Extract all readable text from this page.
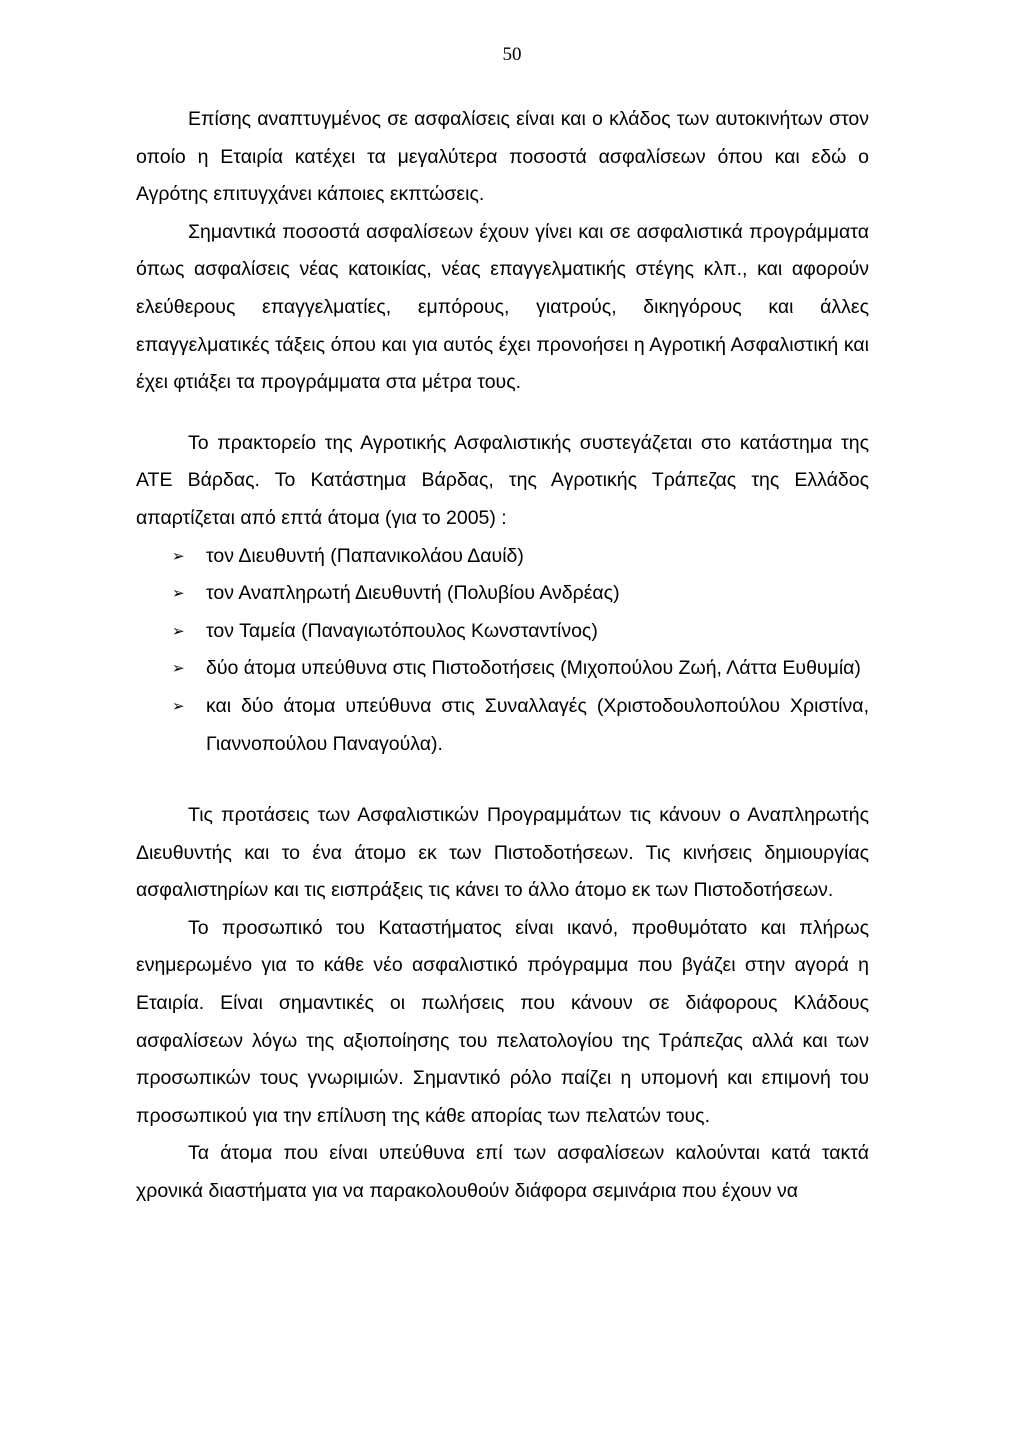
50

Επίσης αναπτυγμένος σε ασφαλίσεις είναι και ο κλάδος των αυτοκινήτων στον οποίο η Εταιρία κατέχει τα μεγαλύτερα ποσοστά ασφαλίσεων όπου και εδώ ο Αγρότης επιτυγχάνει κάποιες εκπτώσεις.

Σημαντικά ποσοστά ασφαλίσεων έχουν γίνει και σε ασφαλιστικά προγράμματα όπως ασφαλίσεις νέας κατοικίας, νέας επαγγελματικής στέγης κλπ., και αφορούν ελεύθερους επαγγελματίες, εμπόρους, γιατρούς, δικηγόρους και άλλες επαγγελματικές τάξεις όπου και για αυτός έχει προνοήσει η Αγροτική Ασφαλιστική και έχει φτιάξει τα προγράμματα στα μέτρα τους.

Το πρακτορείο της Αγροτικής Ασφαλιστικής συστεγάζεται στο κατάστημα της ΑΤΕ Βάρδας. Το Κατάστημα Βάρδας, της Αγροτικής Τράπεζας της Ελλάδος απαρτίζεται από επτά άτομα (για το 2005) :

➢ τον Διευθυντή (Παπανικολάου Δαυίδ)
➢ τον Αναπληρωτή Διευθυντή (Πολυβίου Ανδρέας)
➢ τον Ταμεία (Παναγιωτόπουλος Κωνσταντίνος)
➢ δύο άτομα υπεύθυνα στις Πιστοδοτήσεις (Μιχοπούλου Ζωή, Λάττα Ευθυμία)
➢ και δύο άτομα υπεύθυνα στις Συναλλαγές (Χριστοδουλοπούλου Χριστίνα, Γιαννοπούλου Παναγούλα).

Τις προτάσεις των Ασφαλιστικών Προγραμμάτων τις κάνουν ο Αναπληρωτής Διευθυντής και το ένα άτομο εκ των Πιστοδοτήσεων. Τις κινήσεις δημιουργίας ασφαλιστηρίων και τις εισπράξεις τις κάνει το άλλο άτομο εκ των Πιστοδοτήσεων.

Το προσωπικό του Καταστήματος είναι ικανό, προθυμότατο και πλήρως ενημερωμένο για το κάθε νέο ασφαλιστικό πρόγραμμα που βγάζει στην αγορά η Εταιρία. Είναι σημαντικές οι πωλήσεις που κάνουν σε διάφορους Κλάδους ασφαλίσεων λόγω της αξιοποίησης του πελατολογίου της Τράπεζας αλλά και των προσωπικών τους γνωριμιών. Σημαντικό ρόλο παίζει η υπομονή και επιμονή του προσωπικού για την επίλυση της κάθε απορίας των πελατών τους.

Τα άτομα που είναι υπεύθυνα επί των ασφαλίσεων καλούνται κατά τακτά χρονικά διαστήματα για να παρακολουθούν διάφορα σεμινάρια που έχουν να
